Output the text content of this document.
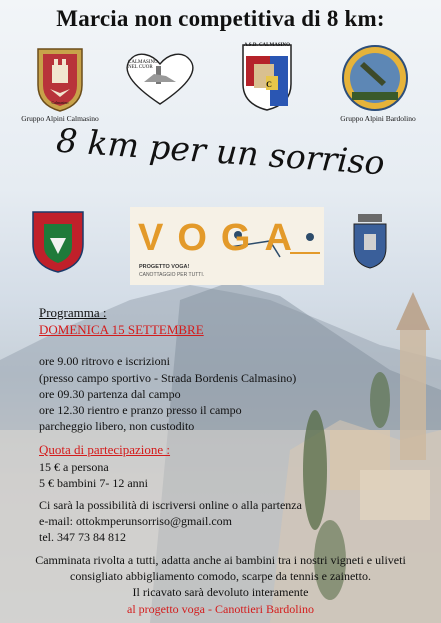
Marcia non competitiva di 8 km:
Calmasino
Gruppo Alpini Calmasino
CALMASINO
NEL CUOR
A.S.D. CALMASINO
C
Gruppo Alpini Bardolino
8 km per un sorriso
VOGA
PROGETTO VOGA!
CANOTTAGGIO PER TUTTI.
Programma :
DOMENICA 15 SETTEMBRE
ore 9.00 ritrovo e iscrizioni
(presso campo sportivo - Strada Bordenis Calmasino)
ore 09.30 partenza dal campo
ore 12.30 rientro e pranzo presso il campo
parcheggio libero, non custodito
Quota di partecipazione :
15 € a persona
5 € bambini 7- 12 anni
Ci sarà la possibilità di iscriversi online o alla partenza
e-mail: ottokmperunsorriso@gmail.com
tel. 347 73 84 812
Camminata rivolta a tutti, adatta anche ai bambini tra i nostri vigneti e uliveti
consigliato abbigliamento comodo, scarpe da tennis e zainetto.
Il ricavato sarà devoluto interamente
al progetto voga - Canottieri Bardolino
